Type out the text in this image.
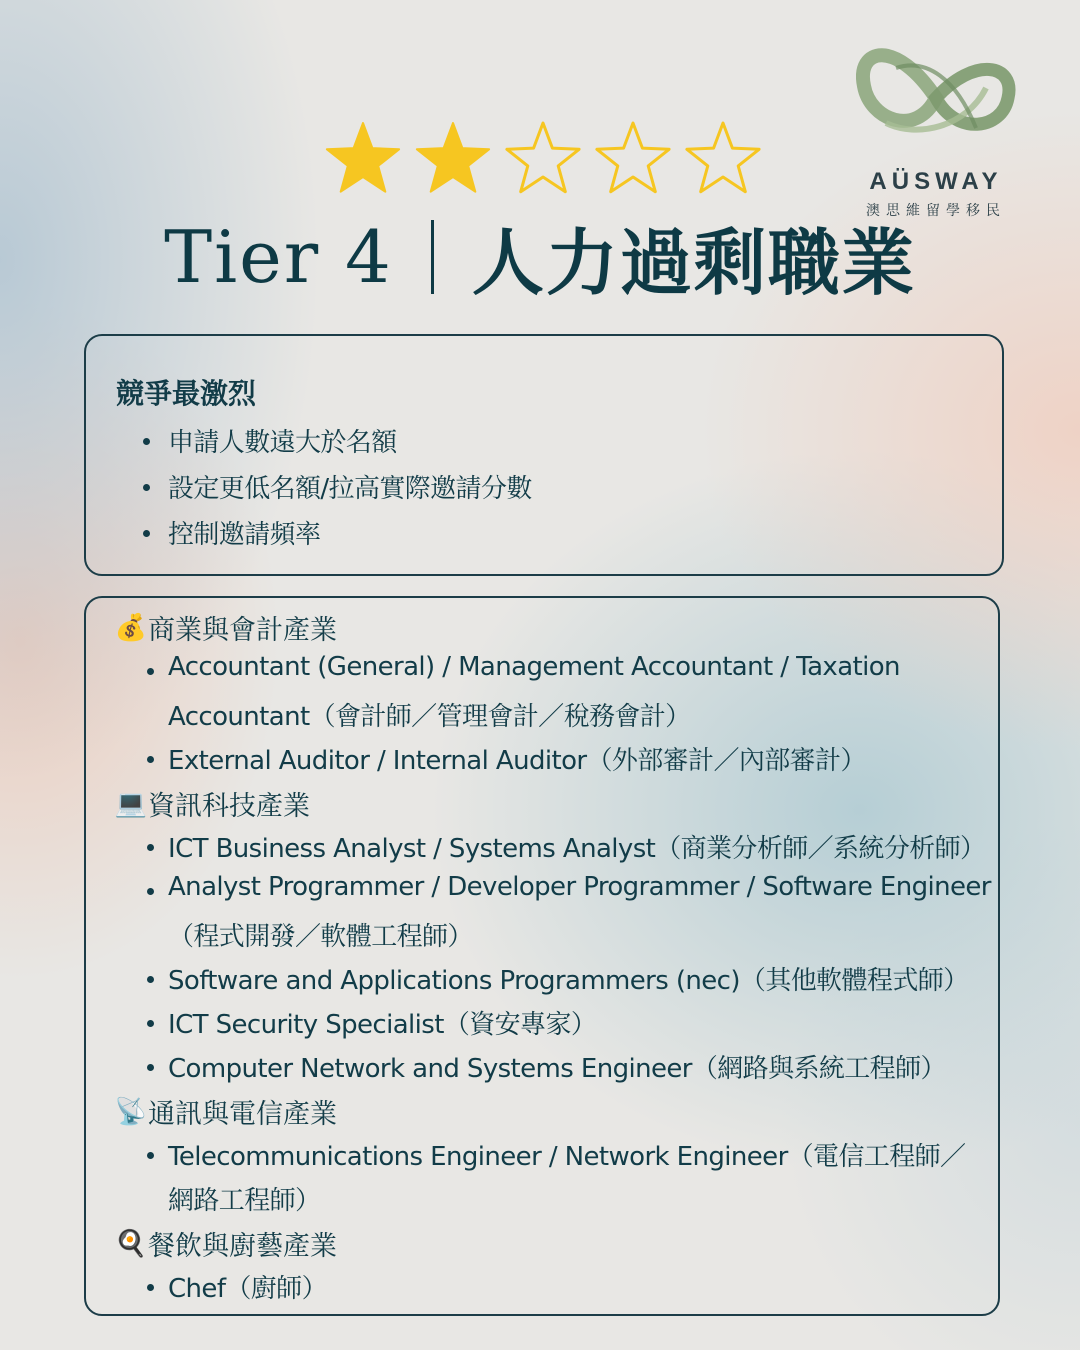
AÜSWAY
澳思維留學移民
Tier 4 人力過剩職業
競爭最激烈
申請人數遠大於名額
設定更低名額/拉高實際邀請分數
控制邀請頻率
💰 商業與會計產業
Accountant (General) / Management Accountant / Taxation
Accountant（會計師／管理會計／稅務會計）
External Auditor / Internal Auditor（外部審計／內部審計）
💻 資訊科技產業
ICT Business Analyst / Systems Analyst（商業分析師／系統分析師）
Analyst Programmer / Developer Programmer / Software Engineer
（程式開發／軟體工程師）
Software and Applications Programmers (nec)（其他軟體程式師）
ICT Security Specialist（資安專家）
Computer Network and Systems Engineer（網路與系統工程師）
📡 通訊與電信產業
Telecommunications Engineer / Network Engineer（電信工程師／
網路工程師）
🍳 餐飲與廚藝產業
Chef（廚師）
